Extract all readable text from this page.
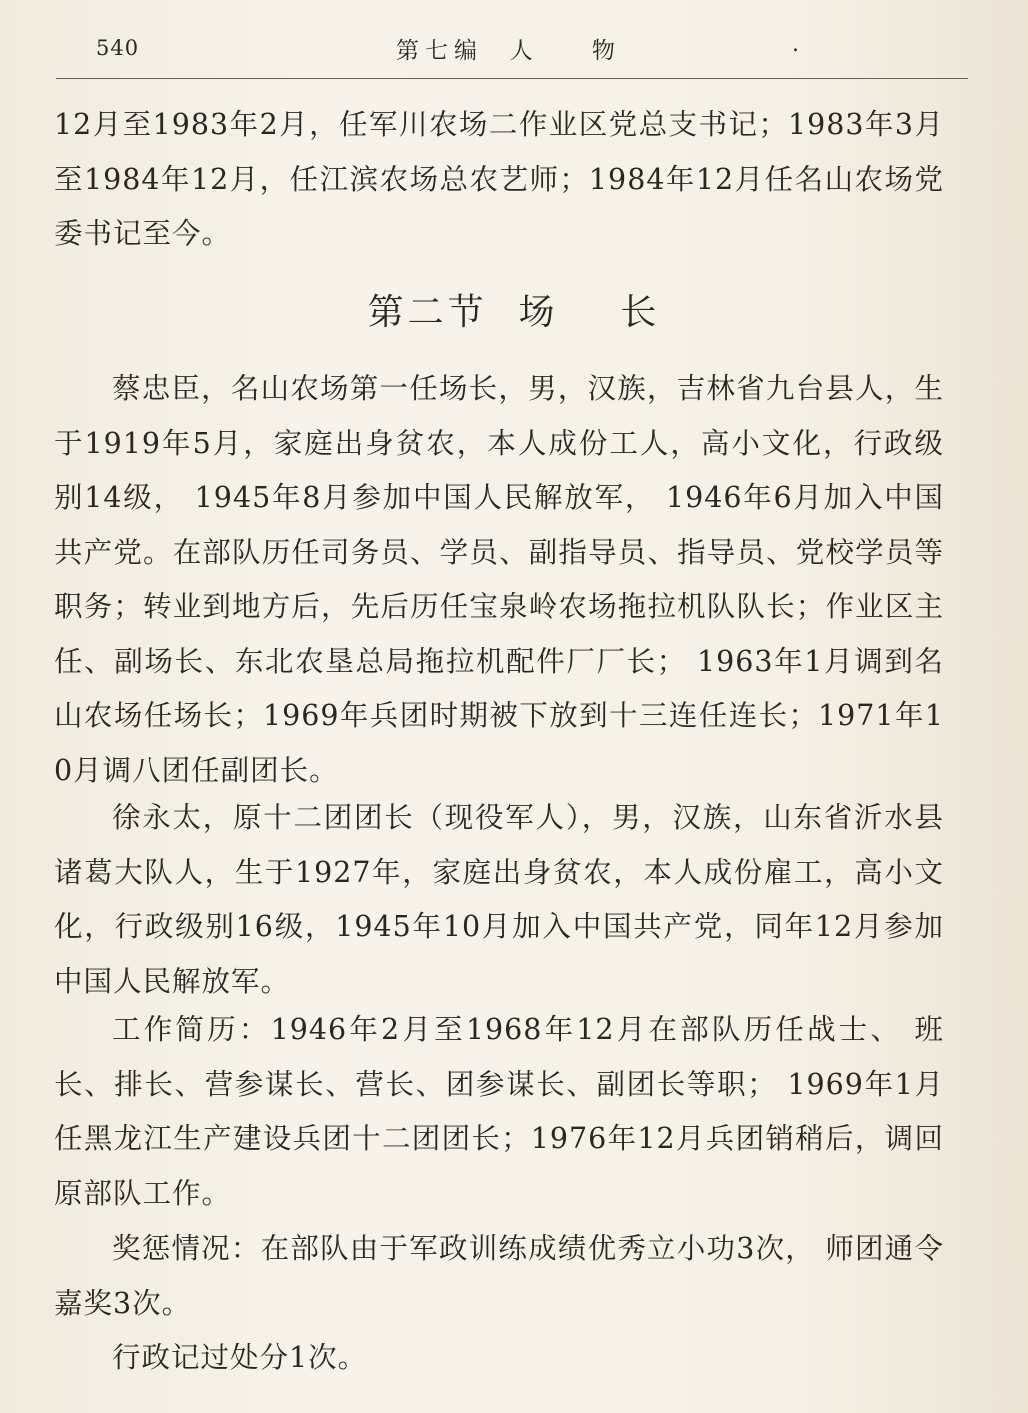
540	第七编  人    物	.

12月至1983年2月，任军川农场二作业区党总支书记；1983年3月至1984年12月，任江滨农场总农艺师；1984年12月任名山农场党委书记至今。

第二节  场    长

蔡忠臣，名山农场第一任场长，男，汉族，吉林省九台县人，生于1919年5月，家庭出身贫农，本人成份工人，高小文化，行政级别14级， 1945年8月参加中国人民解放军， 1946年6月加入中国共产党。在部队历任司务员、学员、副指导员、指导员、党校学员等职务；转业到地方后，先后历任宝泉岭农场拖拉机队队长；作业区主任、副场长、东北农垦总局拖拉机配件厂厂长； 1963年1月调到名山农场任场长；1969年兵团时期被下放到十三连任连长；1971年10月调八团任副团长。

徐永太，原十二团团长（现役军人），男，汉族，山东省沂水县诸葛大队人，生于1927年，家庭出身贫农，本人成份雇工，高小文化，行政级别16级，1945年10月加入中国共产党，同年12月参加中国人民解放军。

工作简历：1946年2月至1968年12月在部队历任战士、 班长、排长、营参谋长、营长、团参谋长、副团长等职； 1969年1月任黑龙江生产建设兵团十二团团长；1976年12月兵团销稍后，调回原部队工作。

奖惩情况：在部队由于军政训练成绩优秀立小功3次， 师团通令嘉奖3次。

行政记过处分1次。
